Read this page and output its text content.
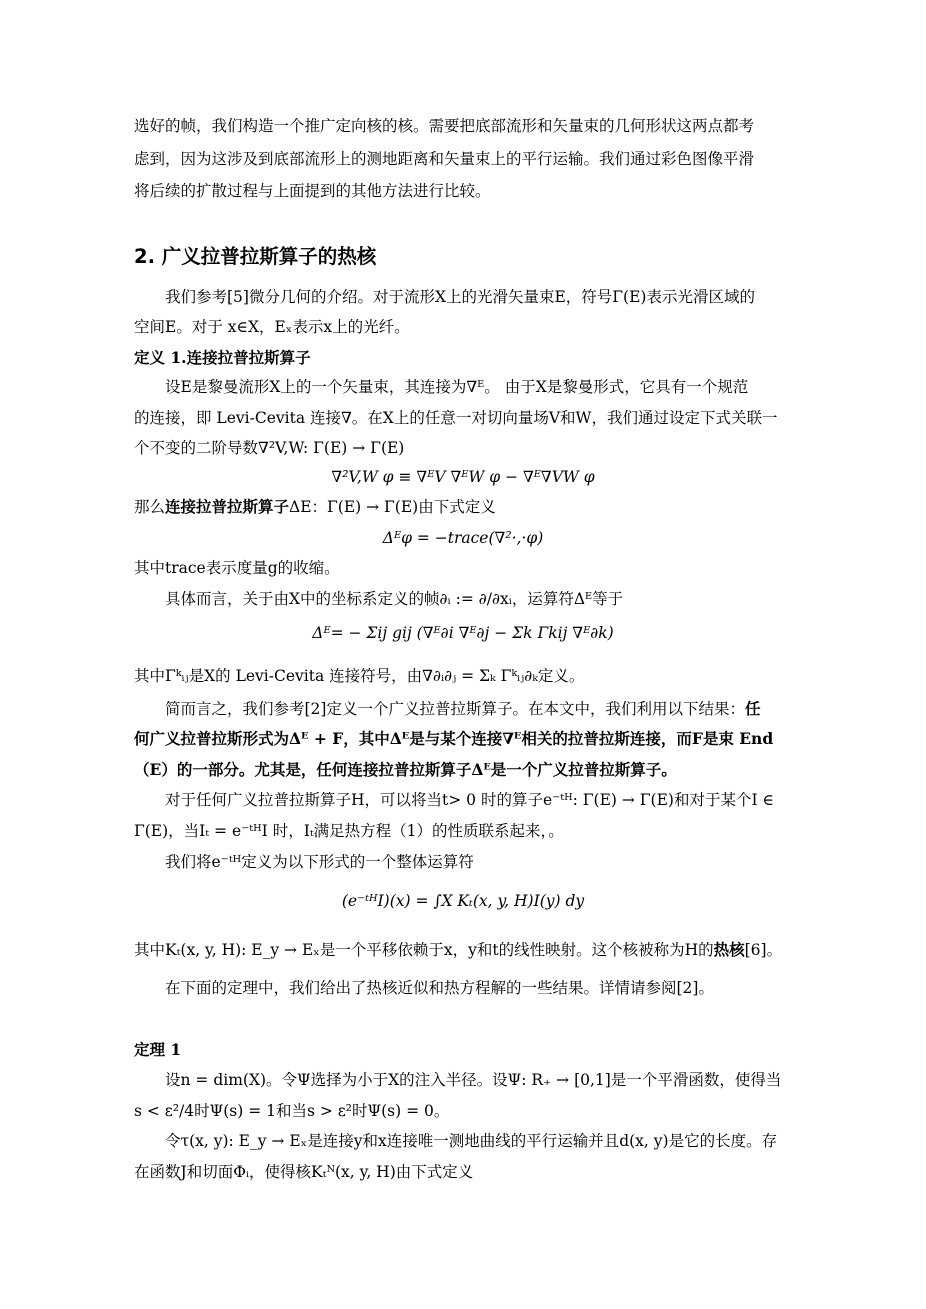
选好的帧，我们构造一个推广定向核的核。需要把底部流形和矢量束的几何形状这两点都考
虑到，因为这涉及到底部流形上的测地距离和矢量束上的平行运输。我们通过彩色图像平滑
将后续的扩散过程与上面提到的其他方法进行比较。
2. 广义拉普拉斯算子的热核
我们参考[5]微分几何的介绍。对于流形X上的光滑矢量束E，符号Γ(E)表示光滑区域的
空间E。对于 x∈X，Eₓ表示x上的光纤。
定义 1.连接拉普拉斯算子
设E是黎曼流形X上的一个矢量束，其连接为∇ᴱ。 由于X是黎曼形式，它具有一个规范
的连接，即 Levi-Cevita 连接∇。在X上的任意一对切向量场V和W，我们通过设定下式关联一
个不变的二阶导数∇²V,W: Γ(E) → Γ(E)
∇²V,W φ ≡ ∇ᴱV ∇ᴱW φ − ∇ᴱ∇VW φ
那么连接拉普拉斯算子ΔE：Γ(E) → Γ(E)由下式定义
Δᴱφ = −trace(∇²·,·φ)
其中trace表示度量g的收缩。
具体而言，关于由X中的坐标系定义的帧∂ᵢ := ∂/∂xᵢ，运算符Δᴱ等于
Δᴱ= − Σij gij (∇ᴱ∂i ∇ᴱ∂j − Σk Γkij ∇ᴱ∂k)
其中Γᵏᵢⱼ是X的 Levi-Cevita 连接符号，由∇∂ᵢ∂ⱼ = Σₖ Γᵏᵢⱼ∂ₖ定义。
简而言之，我们参考[2]定义一个广义拉普拉斯算子。在本文中，我们利用以下结果：任
何广义拉普拉斯形式为Δᴱ + F，其中Δᴱ是与某个连接∇ᴱ相关的拉普拉斯连接，而F是束 End
（E）的一部分。尤其是，任何连接拉普拉斯算子Δᴱ是一个广义拉普拉斯算子。
对于任何广义拉普拉斯算子H，可以将当t> 0 时的算子e⁻ᵗᴴ: Γ(E) → Γ(E)和对于某个I ∈
Γ(E)，当Iₜ = e⁻ᵗᴴI 时，Iₜ满足热方程（1）的性质联系起来，。
我们将e⁻ᵗᴴ定义为以下形式的一个整体运算符
(e⁻ᵗᴴI)(x) = ∫X Kₜ(x, y, H)I(y) dy
其中Kₜ(x, y, H): E_y → Eₓ是一个平移依赖于x，y和t的线性映射。这个核被称为H的热核[6]。
在下面的定理中，我们给出了热核近似和热方程解的一些结果。详情请参阅[2]。
定理 1
设n = dim(X)。令Ψ选择为小于X的注入半径。设Ψ: R₊ → [0,1]是一个平滑函数，使得当
s < ε²/4时Ψ(s) = 1和当s > ε²时Ψ(s) = 0。
令τ(x, y): E_y → Eₓ是连接y和x连接唯一测地曲线的平行运输并且d(x, y)是它的长度。存
在函数J和切面Φᵢ，使得核Kₜᴺ(x, y, H)由下式定义
